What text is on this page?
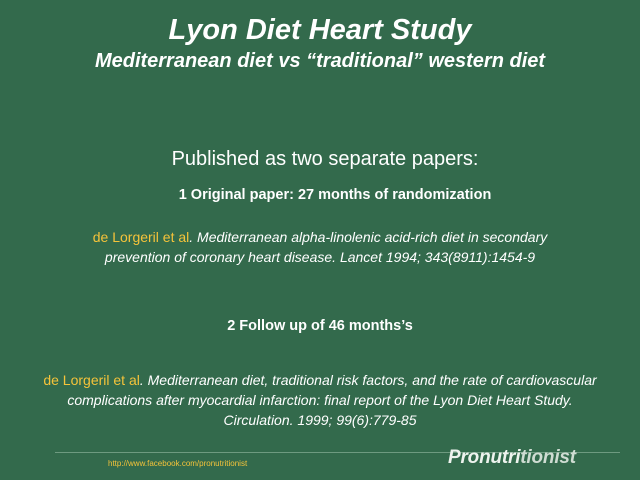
Lyon Diet Heart Study
Mediterranean diet vs “traditional” western diet
Published as two separate papers:
1 Original paper: 27 months of randomization
de Lorgeril et al. Mediterranean alpha-linolenic acid-rich diet in secondary prevention of coronary heart disease. Lancet 1994; 343(8911):1454-9
2 Follow up of 46 months’s
de Lorgeril et al. Mediterranean diet, traditional risk factors, and the rate of cardiovascular complications after myocardial infarction: final report of the Lyon Diet Heart Study. Circulation. 1999; 99(6):779-85
http://www.facebook.com/pronutritionist	Pronutritionist
